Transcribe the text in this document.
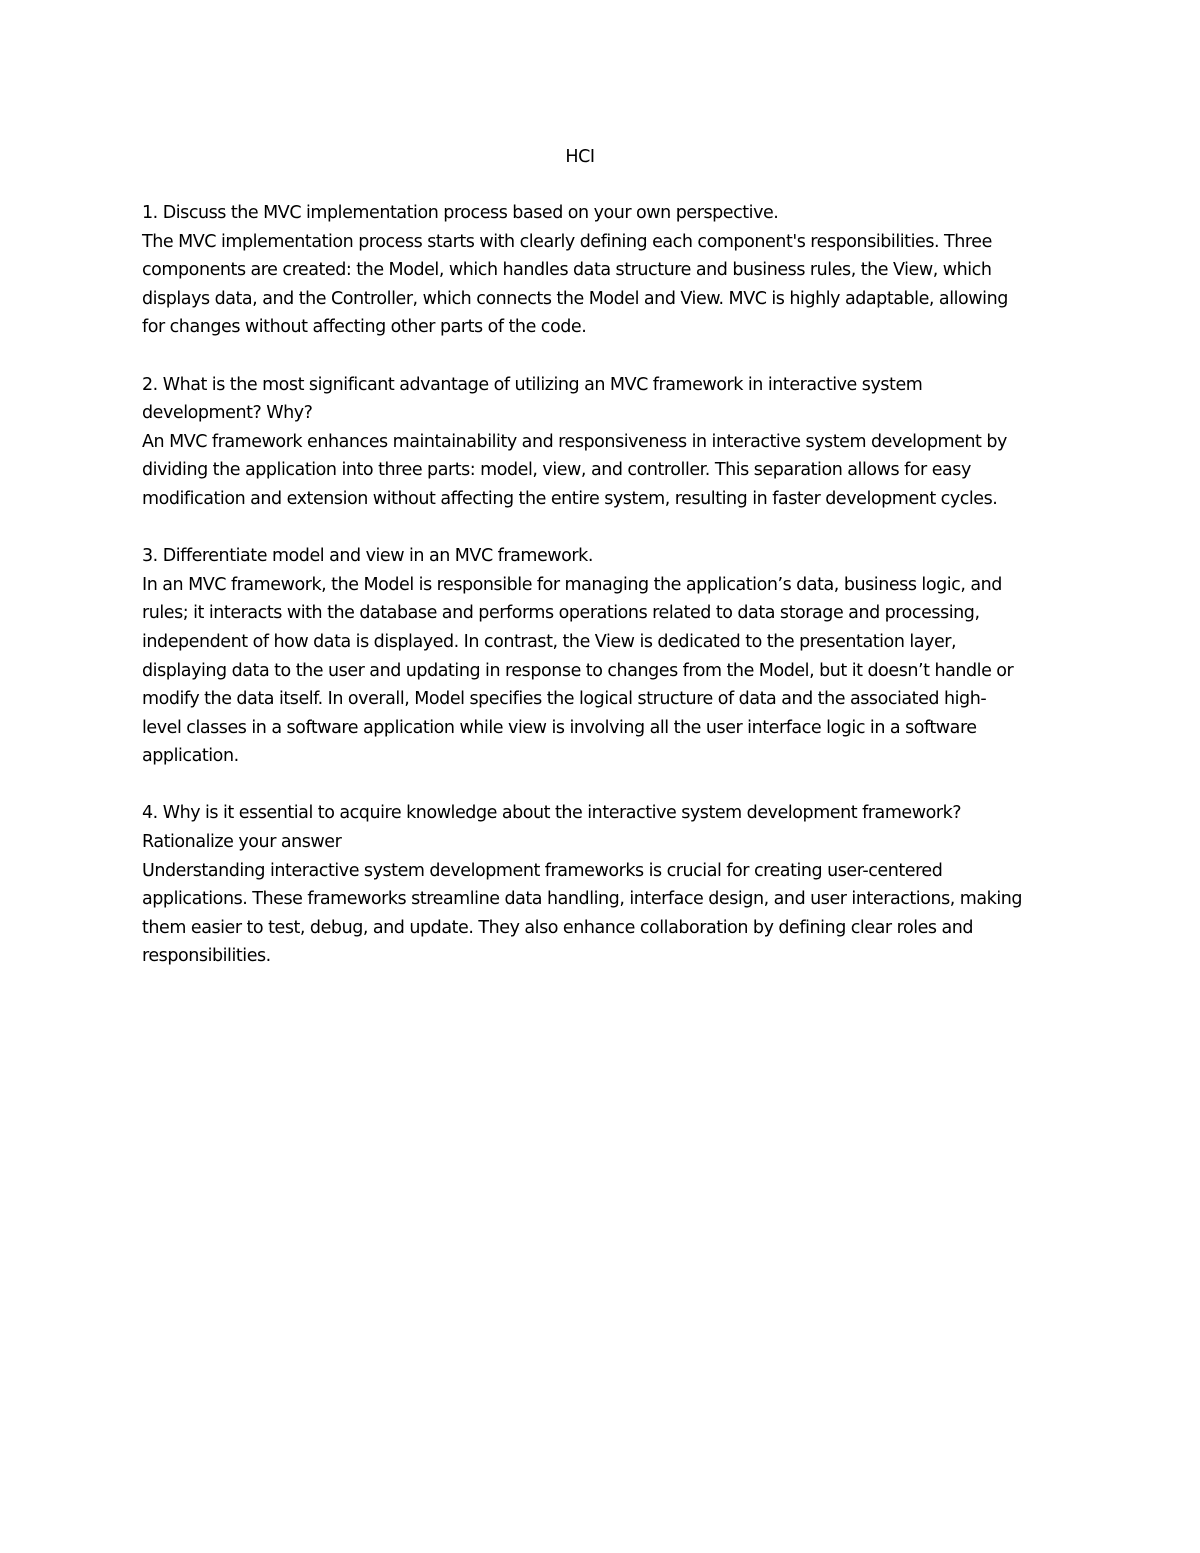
HCI
1. Discuss the MVC implementation process based on your own perspective.
The MVC implementation process starts with clearly defining each component's responsibilities. Three
components are created: the Model, which handles data structure and business rules, the View, which
displays data, and the Controller, which connects the Model and View. MVC is highly adaptable, allowing
for changes without affecting other parts of the code.
2. What is the most significant advantage of utilizing an MVC framework in interactive system
development? Why?
An MVC framework enhances maintainability and responsiveness in interactive system development by
dividing the application into three parts: model, view, and controller. This separation allows for easy
modification and extension without affecting the entire system, resulting in faster development cycles.
3. Differentiate model and view in an MVC framework.
In an MVC framework, the Model is responsible for managing the application’s data, business logic, and
rules; it interacts with the database and performs operations related to data storage and processing,
independent of how data is displayed. In contrast, the View is dedicated to the presentation layer,
displaying data to the user and updating in response to changes from the Model, but it doesn’t handle or
modify the data itself. In overall, Model specifies the logical structure of data and the associated high-
level classes in a software application while view is involving all the user interface logic in a software
application.
4. Why is it essential to acquire knowledge about the interactive system development framework?
Rationalize your answer
Understanding interactive system development frameworks is crucial for creating user-centered
applications. These frameworks streamline data handling, interface design, and user interactions, making
them easier to test, debug, and update. They also enhance collaboration by defining clear roles and
responsibilities.
